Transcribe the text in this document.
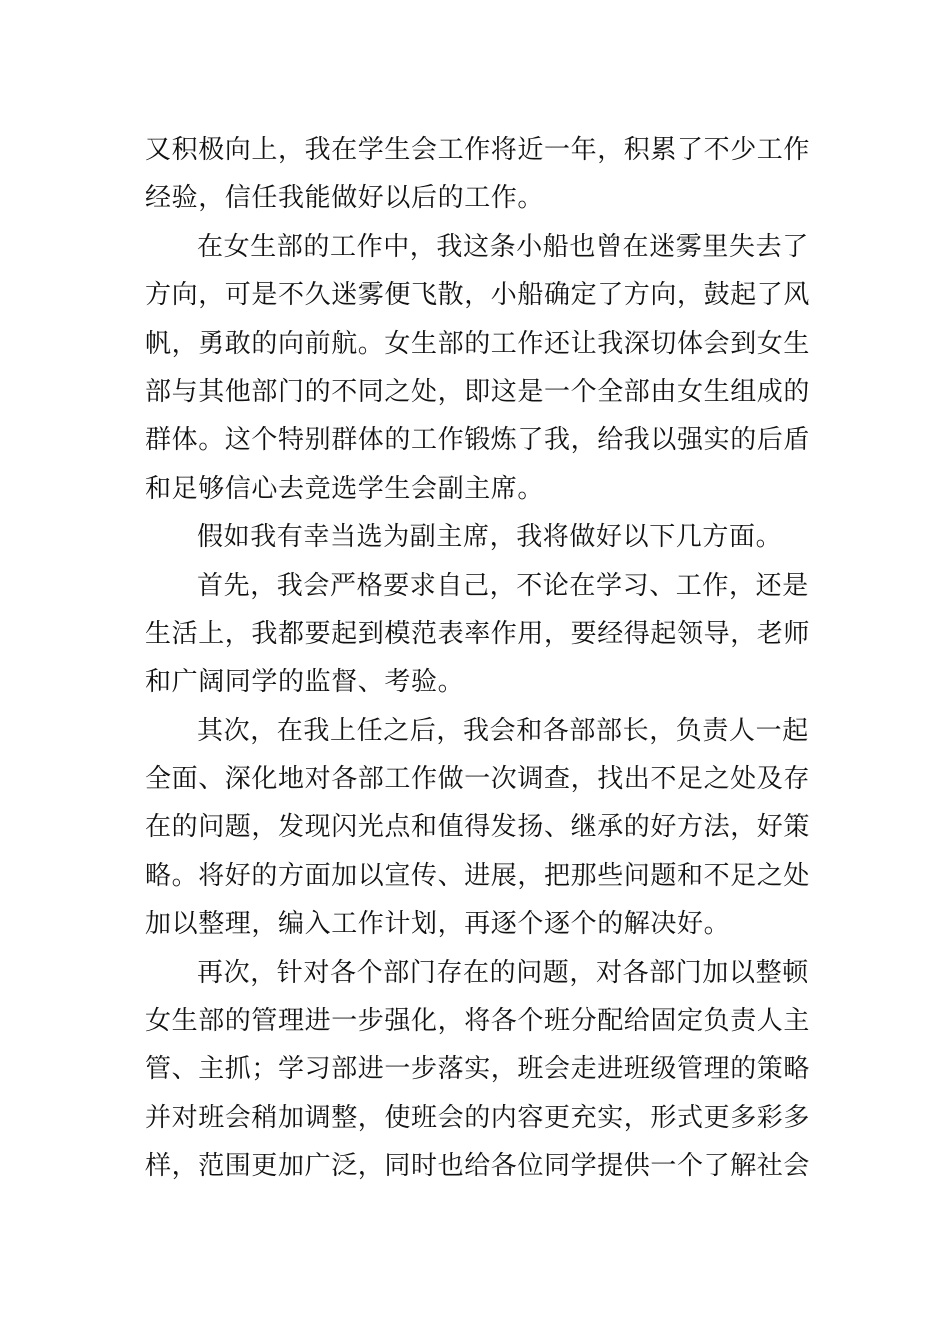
又积极向上，我在学生会工作将近一年，积累了不少工作
经验，信任我能做好以后的工作。
在女生部的工作中，我这条小船也曾在迷雾里失去了
方向，可是不久迷雾便飞散，小船确定了方向，鼓起了风
帆，勇敢的向前航。女生部的工作还让我深切体会到女生
部与其他部门的不同之处，即这是一个全部由女生组成的
群体。这个特别群体的工作锻炼了我，给我以强实的后盾
和足够信心去竞选学生会副主席。
假如我有幸当选为副主席，我将做好以下几方面。
首先，我会严格要求自己，不论在学习、工作，还是
生活上，我都要起到模范表率作用，要经得起领导，老师
和广阔同学的监督、考验。
其次，在我上任之后，我会和各部部长，负责人一起
全面、深化地对各部工作做一次调查，找出不足之处及存
在的问题，发现闪光点和值得发扬、继承的好方法，好策
略。将好的方面加以宣传、进展，把那些问题和不足之处
加以整理，编入工作计划，再逐个逐个的解决好。
再次，针对各个部门存在的问题，对各部门加以整顿
女生部的管理进一步强化，将各个班分配给固定负责人主
管、主抓；学习部进一步落实，班会走进班级管理的策略
并对班会稍加调整，使班会的内容更充实，形式更多彩多
样，范围更加广泛，同时也给各位同学提供一个了解社会
